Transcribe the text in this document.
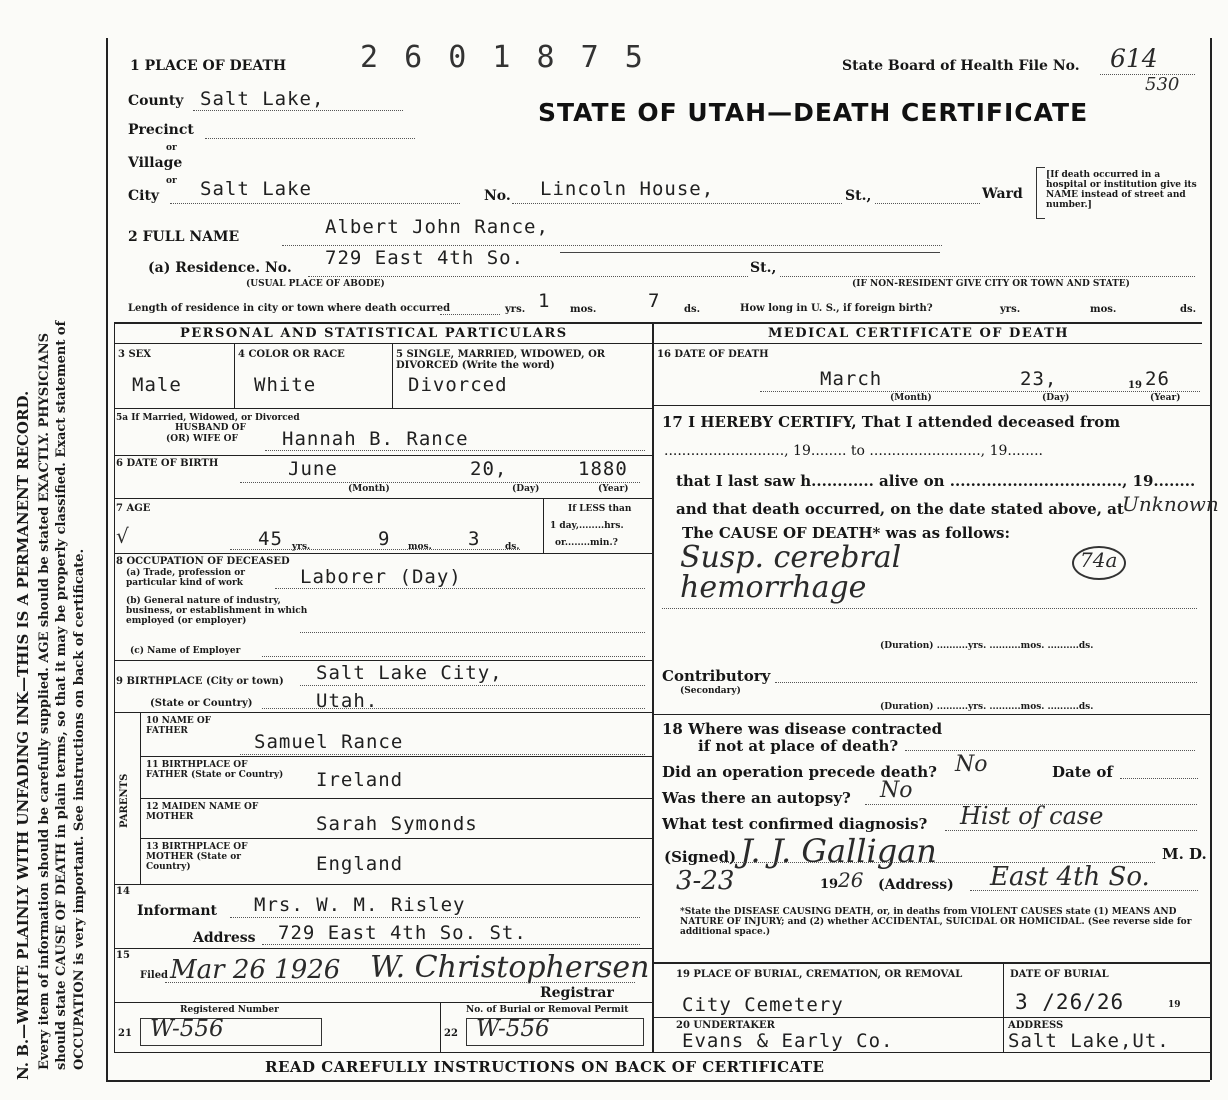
N. B.—WRITE PLAINLY WITH UNFADING INK—THIS IS A PERMANENT RECORD. Every item of information should be carefully supplied. AGE should be stated EXACTLY. PHYSICIANS should state CAUSE OF DEATH in plain terms, so that it may be properly classified. Exact statement of OCCUPATION is very important. See instructions on back of certificate.
1 PLACE OF DEATH 2 6 0 1 8 7 5	State Board of Health File No. 614
530
STATE OF UTAH—DEATH CERTIFICATE
County Salt Lake,
Precinct
or
Village
or
City Salt Lake	No. Lincoln House,	St.,	Ward
[If death occurred in a hospital or institution give its NAME instead of street and number.]
2 FULL NAME	Albert John Rance,
(a) Residence. No. 729 East 4th So.	St.,
(USUAL PLACE OF ABODE)	(IF NON-RESIDENT GIVE CITY OR TOWN AND STATE)
Length of residence in city or town where death occurred	yrs. 1 mos.	7 ds.	How long in U. S., if foreign birth?	yrs.	mos.	ds.
PERSONAL AND STATISTICAL PARTICULARS	MEDICAL CERTIFICATE OF DEATH
3 SEX
Male
4 COLOR OR RACE
White
5 SINGLE, MARRIED, WIDOWED, OR DIVORCED (Write the word)
Divorced
5a If Married, Widowed, or Divorced
HUSBAND OF
(OR) WIFE OF Hannah B. Rance
6 DATE OF BIRTH	June	20,	1880
(Month)	(Day)	(Year)
7 AGE
√	45 yrs.	9 mos. 3	ds.
If LESS than
1 day,........hrs.
or........min.?
8 OCCUPATION OF DECEASED
(a) Trade, profession or particular kind of work	Laborer (Day)
(b) General nature of industry, business, or establishment in which employed (or employer)
(c) Name of Employer
9 BIRTHPLACE (City or town) Salt Lake City,
(State or Country)	Utah.
PARENTS
10 NAME OF FATHER	Samuel Rance
11 BIRTHPLACE OF FATHER (State or Country) Ireland
12 MAIDEN NAME OF MOTHER	Sarah Symonds
13 BIRTHPLACE OF MOTHER (State or Country)	England
14
Informant Mrs. W. M. Risley
Address 729 East 4th So. St.
15
Filed Mar 26 1926 W. Christophersen
Registrar
Registered Number	No. of Burial or Removal Permit
21 W-556	22 W-556
16 DATE OF DEATH
March	23,	19 26
(Month)	(Day)	(Year)
17 I HEREBY CERTIFY, That I attended deceased from
..........................., 19........ to ........................., 19........
that I last saw h............ alive on ................................., 19........
and that death occurred, on the date stated above, at
Unknown
The CAUSE OF DEATH* was as follows:
Susp. cerebral	74a
hemorrhage
(Duration) ..........yrs. ..........mos. ..........ds.
Contributory
(Secondary)
(Duration) ..........yrs. ..........mos. ..........ds.
18 Where was disease contracted
if not at place of death?
Did an operation precede death? No	Date of
Was there an autopsy? No
What test confirmed diagnosis? Hist of case
(Signed) J. J. Galligan	M. D.
3-23	19 26 (Address) East 4th So.
*State the DISEASE CAUSING DEATH, or, in deaths from VIOLENT CAUSES state (1) MEANS AND NATURE OF INJURY; and (2) whether ACCIDENTAL, SUICIDAL OR HOMICIDAL. (See reverse side for additional space.)
19 PLACE OF BURIAL, CREMATION, OR REMOVAL
City Cemetery
DATE OF BURIAL
3 /26/26	19
20 UNDERTAKER
Evans & Early Co.
ADDRESS
Salt Lake,Ut.
READ CAREFULLY INSTRUCTIONS ON BACK OF CERTIFICATE
